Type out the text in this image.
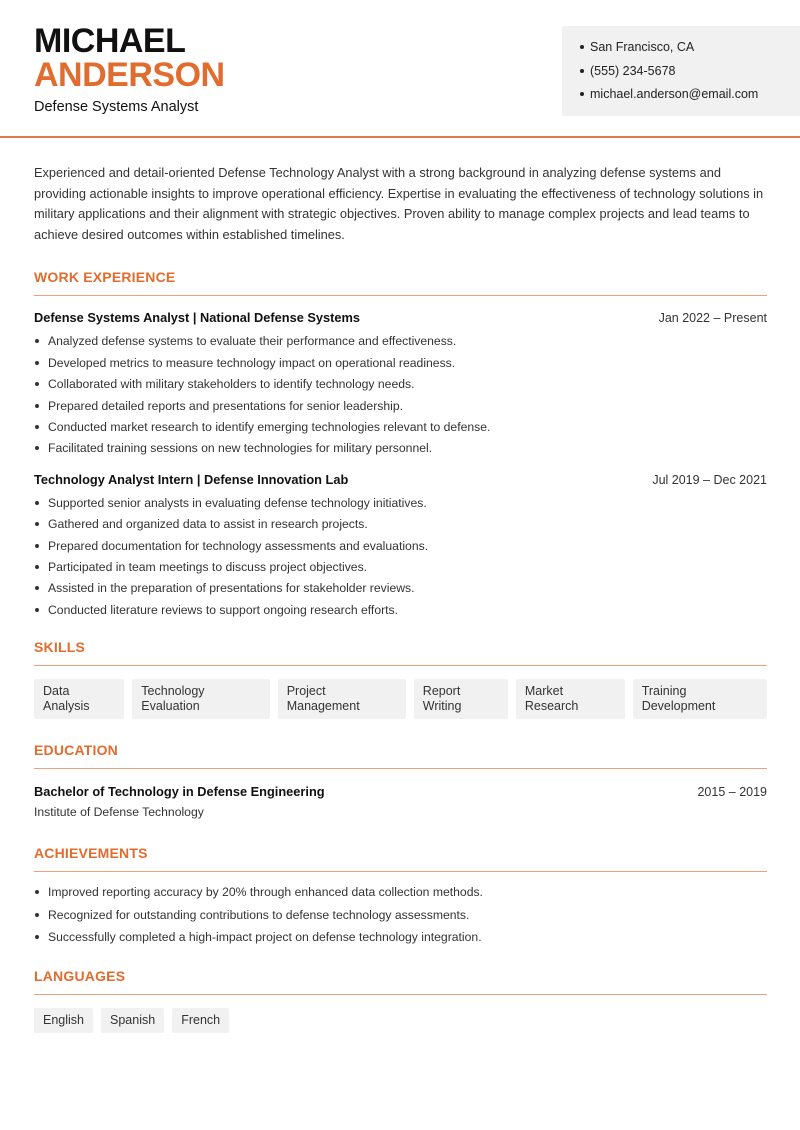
MICHAEL
ANDERSON
Defense Systems Analyst
San Francisco, CA
(555) 234-5678
michael.anderson@email.com

Experienced and detail-oriented Defense Technology Analyst with a strong background in analyzing defense systems and providing actionable insights to improve operational efficiency. Expertise in evaluating the effectiveness of technology solutions in military applications and their alignment with strategic objectives. Proven ability to manage complex projects and lead teams to achieve desired outcomes within established timelines.

WORK EXPERIENCE
Defense Systems Analyst | National Defense Systems	Jan 2022 – Present
Analyzed defense systems to evaluate their performance and effectiveness.
Developed metrics to measure technology impact on operational readiness.
Collaborated with military stakeholders to identify technology needs.
Prepared detailed reports and presentations for senior leadership.
Conducted market research to identify emerging technologies relevant to defense.
Facilitated training sessions on new technologies for military personnel.
Technology Analyst Intern | Defense Innovation Lab	Jul 2019 – Dec 2021
Supported senior analysts in evaluating defense technology initiatives.
Gathered and organized data to assist in research projects.
Prepared documentation for technology assessments and evaluations.
Participated in team meetings to discuss project objectives.
Assisted in the preparation of presentations for stakeholder reviews.
Conducted literature reviews to support ongoing research efforts.
SKILLS
Data Analysis
Technology Evaluation
Project Management
Report Writing
Market Research
Training Development
EDUCATION
Bachelor of Technology in Defense Engineering	2015 – 2019
Institute of Defense Technology
ACHIEVEMENTS
Improved reporting accuracy by 20% through enhanced data collection methods.
Recognized for outstanding contributions to defense technology assessments.
Successfully completed a high-impact project on defense technology integration.
LANGUAGES
English	Spanish	French
